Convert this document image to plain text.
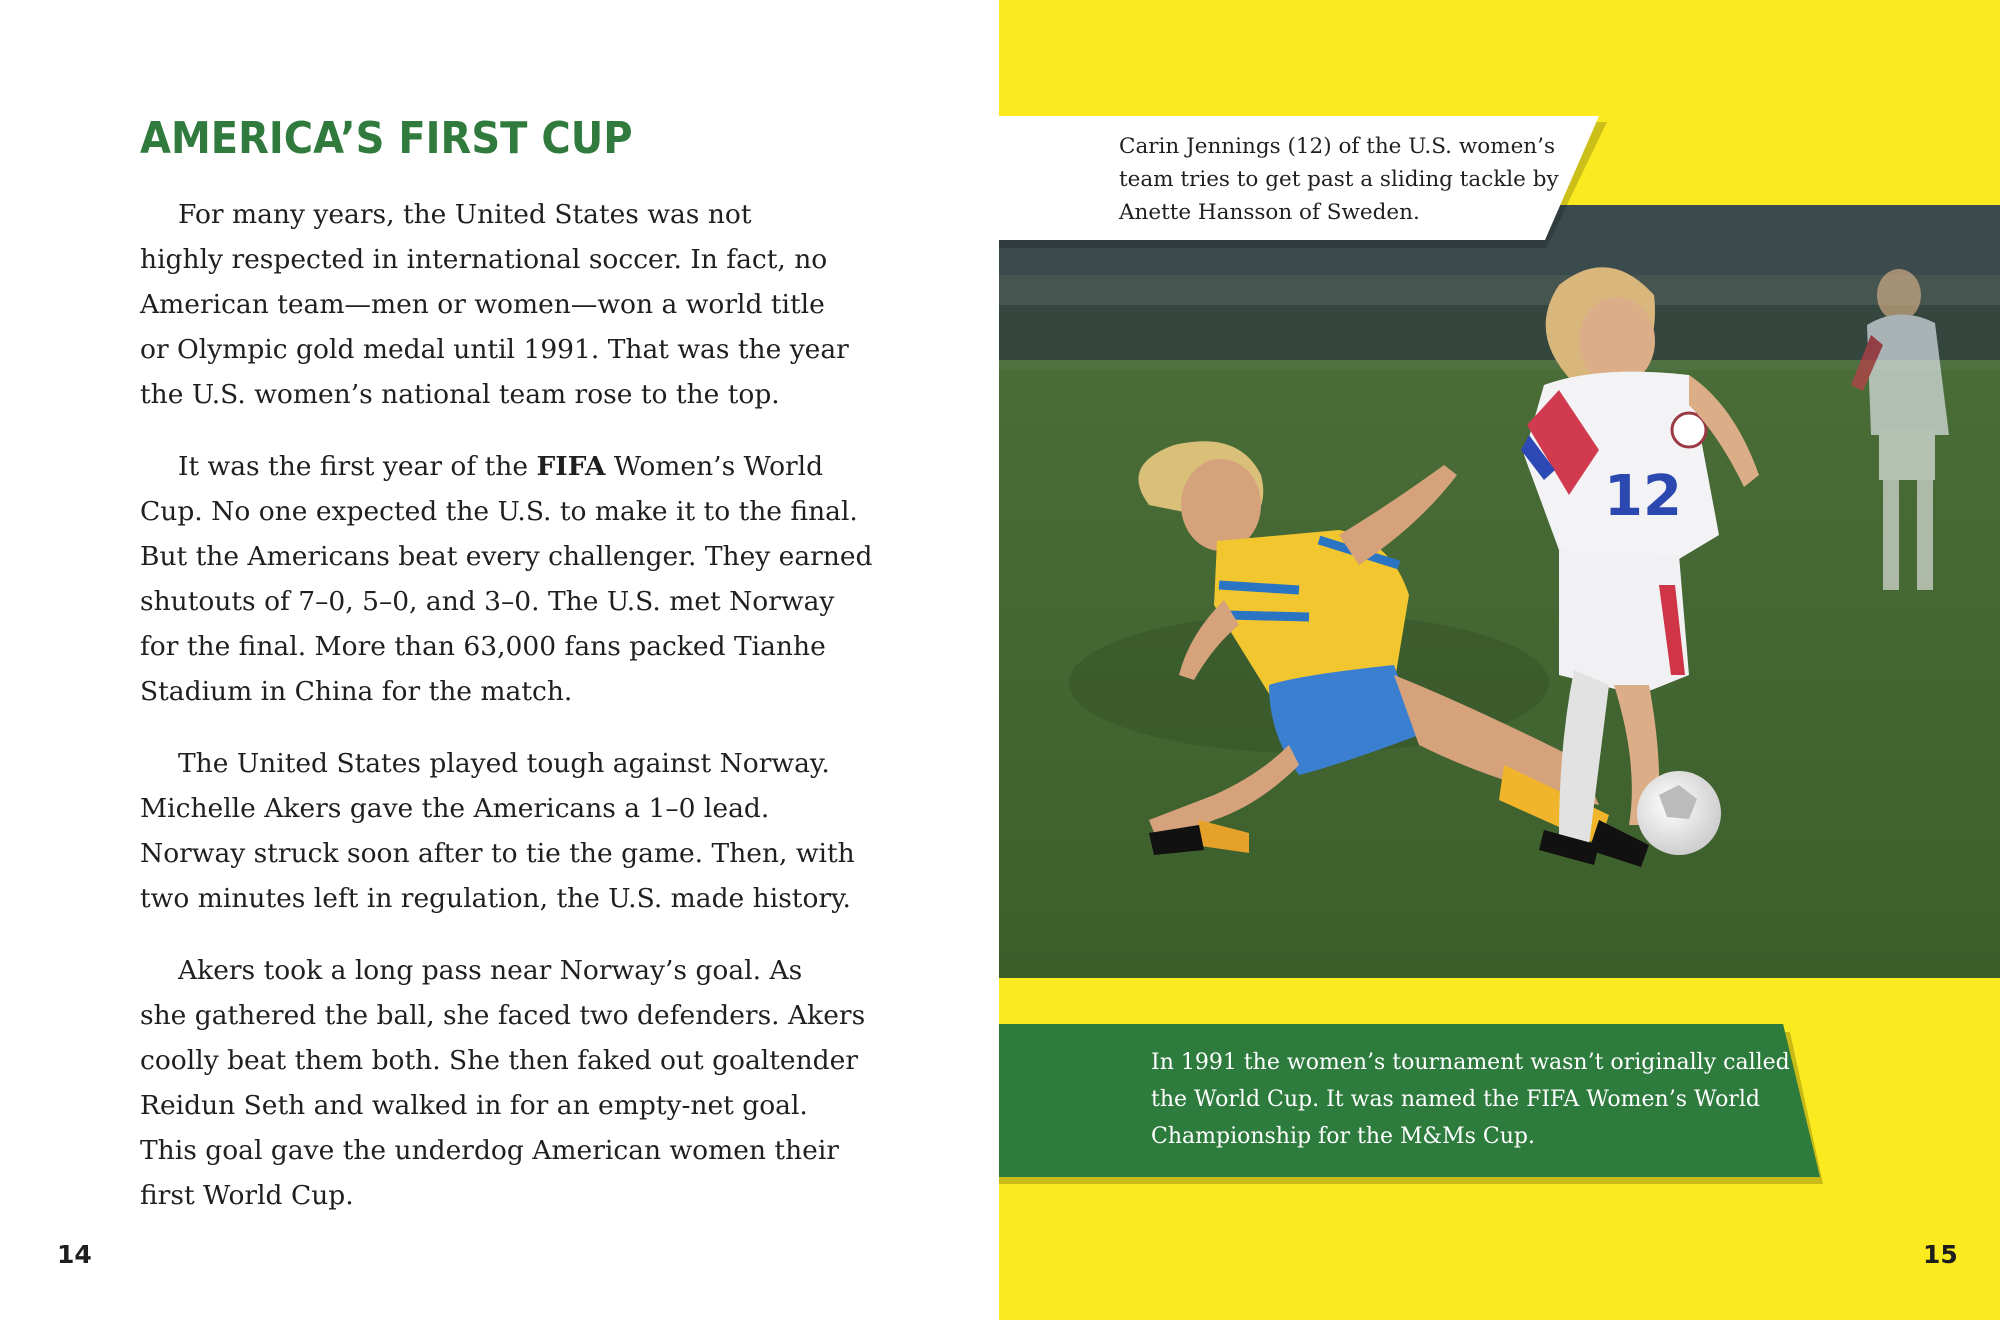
AMERICA’S FIRST CUP

For many years, the United States was not
highly respected in international soccer. In fact, no
American team—men or women—won a world title
or Olympic gold medal until 1991. That was the year
the U.S. women’s national team rose to the top.

It was the first year of the FIFA Women’s World
Cup. No one expected the U.S. to make it to the final.
But the Americans beat every challenger. They earned
shutouts of 7–0, 5–0, and 3–0. The U.S. met Norway
for the final. More than 63,000 fans packed Tianhe
Stadium in China for the match.

The United States played tough against Norway.
Michelle Akers gave the Americans a 1–0 lead.
Norway struck soon after to tie the game. Then, with
two minutes left in regulation, the U.S. made history.

Akers took a long pass near Norway’s goal. As
she gathered the ball, she faced two defenders. Akers
coolly beat them both. She then faked out goaltender
Reidun Seth and walked in for an empty-net goal.
This goal gave the underdog American women their
first World Cup.

14
12
Carin Jennings (12) of the U.S. women’s
team tries to get past a sliding tackle by
Anette Hansson of Sweden.
In 1991 the women’s tournament wasn’t originally called
the World Cup. It was named the FIFA Women’s World
Championship for the M&Ms Cup.
15
